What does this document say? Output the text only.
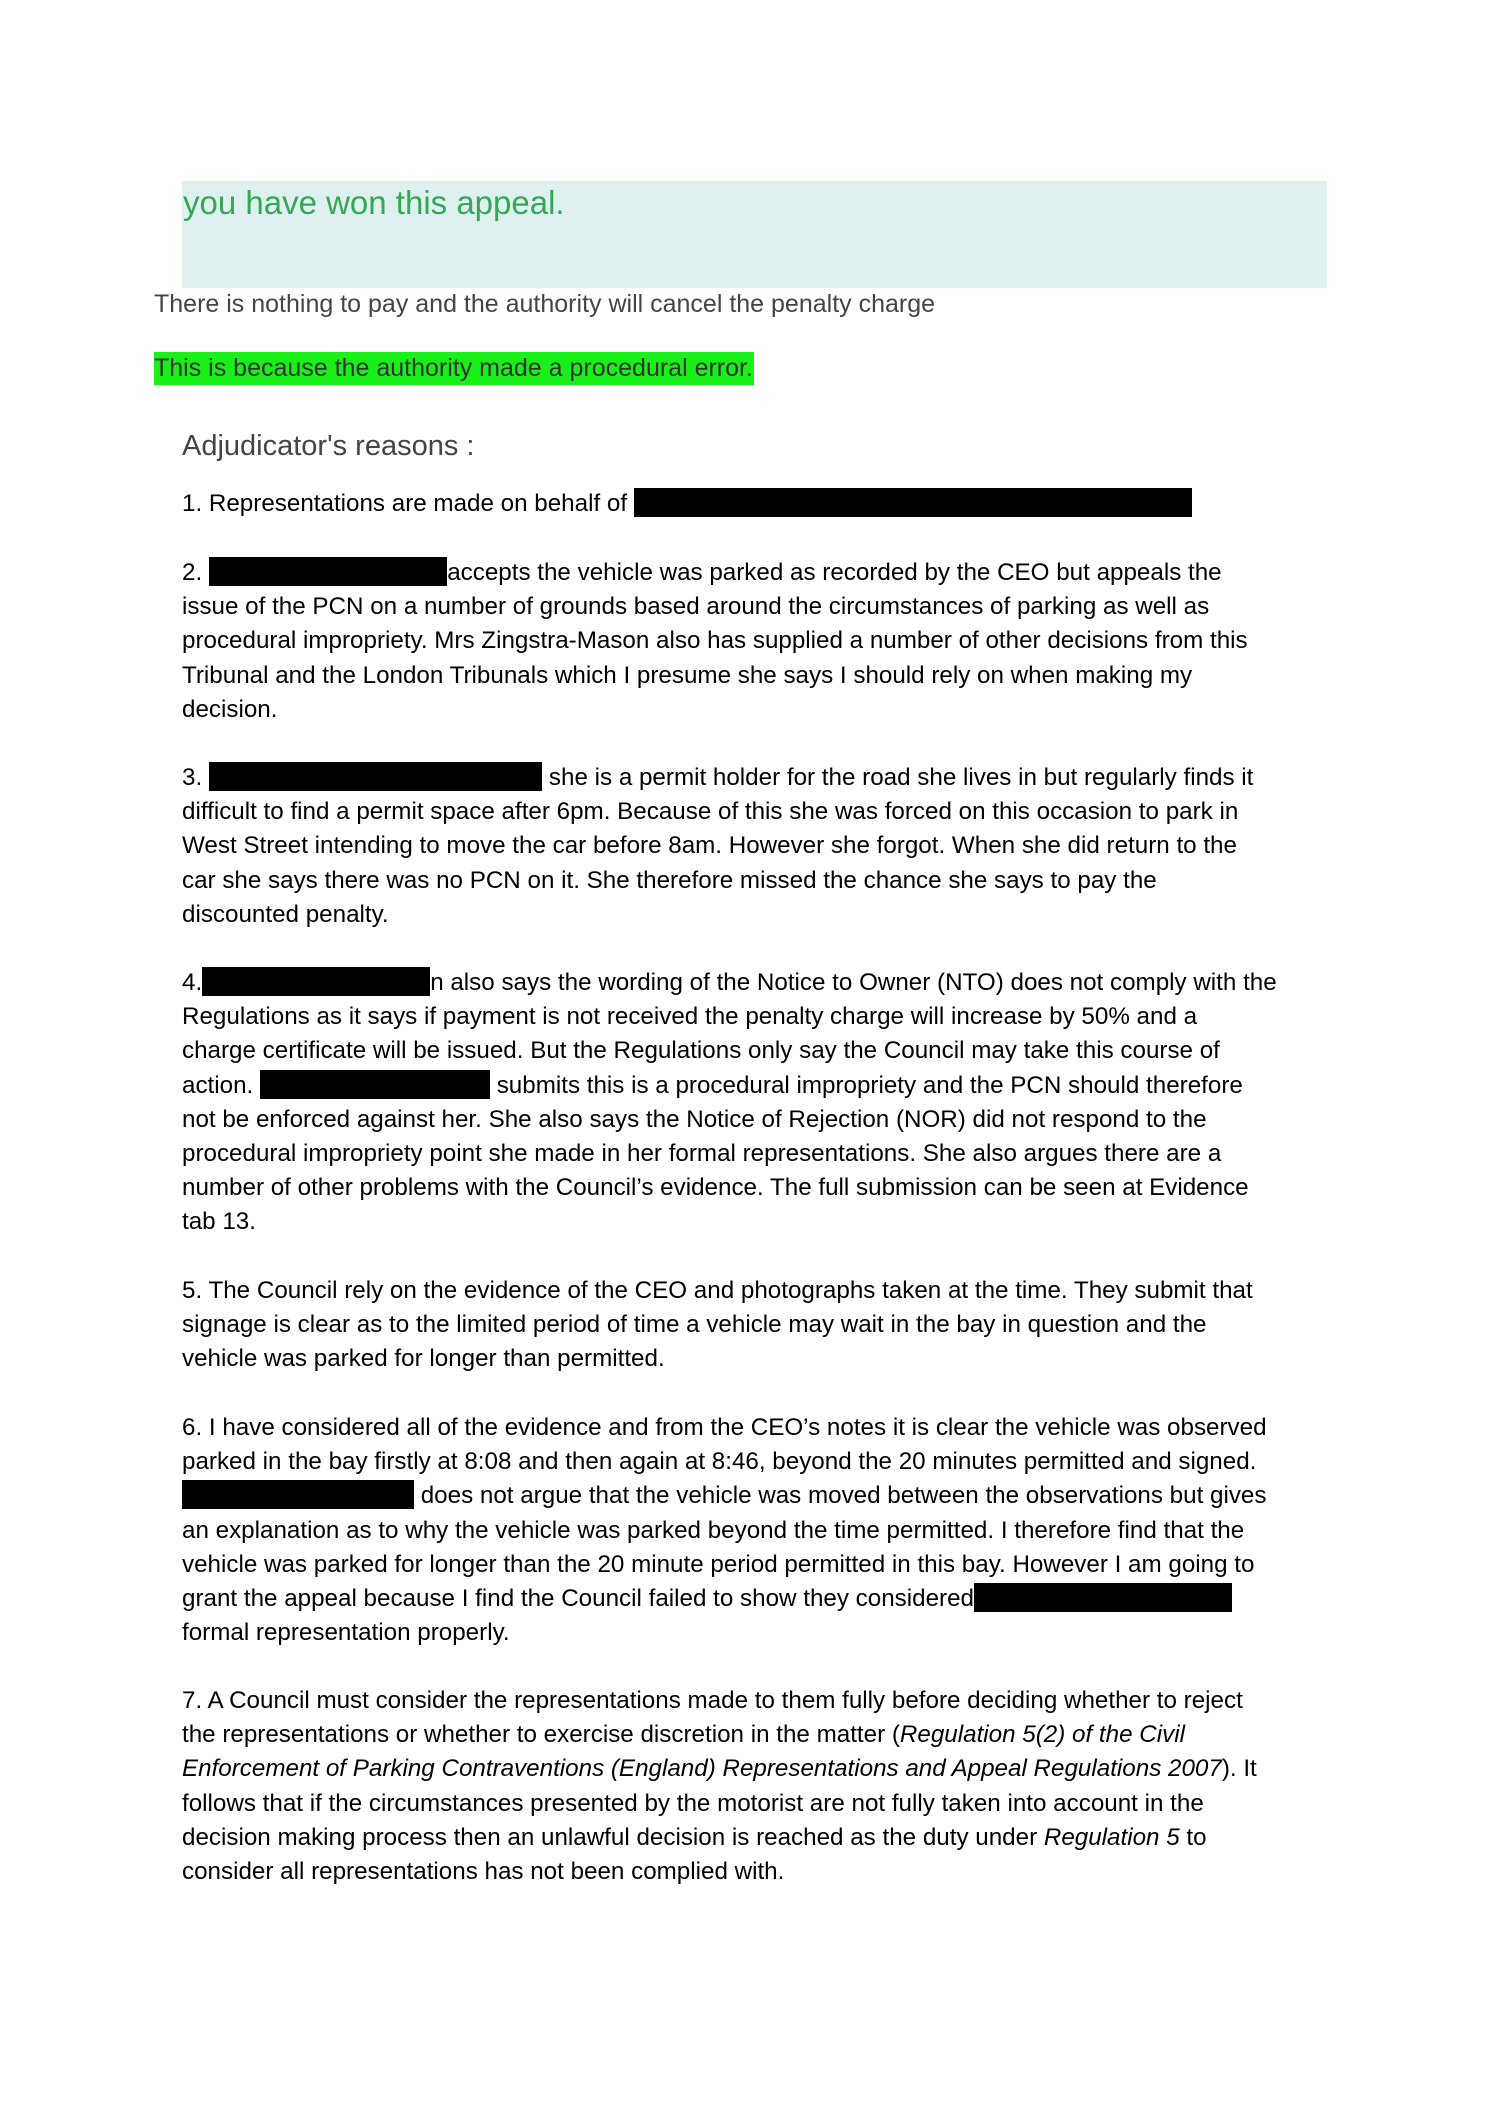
you have won this appeal.
There is nothing to pay and the authority will cancel the penalty charge
This is because the authority made a procedural error.
Adjudicator's reasons :
1. Representations are made on behalf of
2.	accepts the vehicle was parked as recorded by the CEO but appeals the
issue of the PCN on a number of grounds based around the circumstances of parking as well as
procedural impropriety. Mrs Zingstra-Mason also has supplied a number of other decisions from this
Tribunal and the London Tribunals which I presume she says I should rely on when making my
decision.
3.	she is a permit holder for the road she lives in but regularly finds it
difficult to find a permit space after 6pm. Because of this she was forced on this occasion to park in
West Street intending to move the car before 8am. However she forgot. When she did return to the
car she says there was no PCN on it. She therefore missed the chance she says to pay the
discounted penalty.
4.	n also says the wording of the Notice to Owner (NTO) does not comply with the
Regulations as it says if payment is not received the penalty charge will increase by 50% and a
charge certificate will be issued. But the Regulations only say the Council may take this course of
action.	submits this is a procedural impropriety and the PCN should therefore
not be enforced against her. She also says the Notice of Rejection (NOR) did not respond to the
procedural impropriety point she made in her formal representations. She also argues there are a
number of other problems with the Council’s evidence. The full submission can be seen at Evidence
tab 13.
5. The Council rely on the evidence of the CEO and photographs taken at the time. They submit that
signage is clear as to the limited period of time a vehicle may wait in the bay in question and the
vehicle was parked for longer than permitted.
6. I have considered all of the evidence and from the CEO’s notes it is clear the vehicle was observed
parked in the bay firstly at 8:08 and then again at 8:46, beyond the 20 minutes permitted and signed.
does not argue that the vehicle was moved between the observations but gives
an explanation as to why the vehicle was parked beyond the time permitted. I therefore find that the
vehicle was parked for longer than the 20 minute period permitted in this bay. However I am going to
grant the appeal because I find the Council failed to show they considered
formal representation properly.
7. A Council must consider the representations made to them fully before deciding whether to reject
the representations or whether to exercise discretion in the matter (Regulation 5(2) of the Civil
Enforcement of Parking Contraventions (England) Representations and Appeal Regulations 2007). It
follows that if the circumstances presented by the motorist are not fully taken into account in the
decision making process then an unlawful decision is reached as the duty under Regulation 5 to
consider all representations has not been complied with.
